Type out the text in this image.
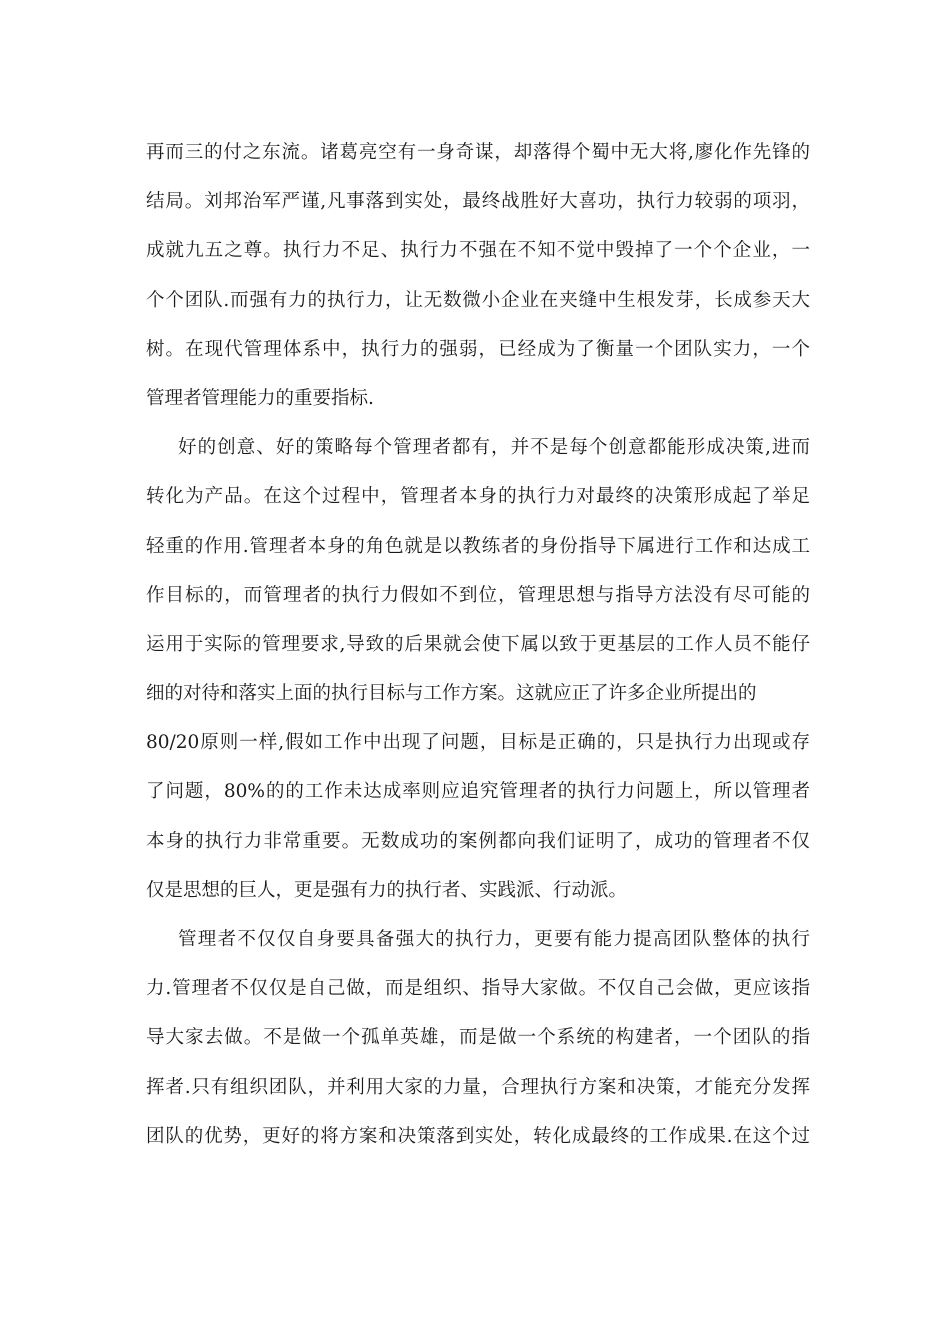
再而三的付之东流。诸葛亮空有一身奇谋，却落得个蜀中无大将,廖化作先锋的
结局。刘邦治军严谨,凡事落到实处，最终战胜好大喜功，执行力较弱的项羽，
成就九五之尊。执行力不足、执行力不强在不知不觉中毁掉了一个个企业，一
个个团队.而强有力的执行力，让无数微小企业在夹缝中生根发芽，长成参天大
树。在现代管理体系中，执行力的强弱，已经成为了衡量一个团队实力，一个
管理者管理能力的重要指标.
好的创意、好的策略每个管理者都有，并不是每个创意都能形成决策,进而
转化为产品。在这个过程中，管理者本身的执行力对最终的决策形成起了举足
轻重的作用.管理者本身的角色就是以教练者的身份指导下属进行工作和达成工
作目标的，而管理者的执行力假如不到位，管理思想与指导方法没有尽可能的
运用于实际的管理要求,导致的后果就会使下属以致于更基层的工作人员不能仔
细的对待和落实上面的执行目标与工作方案。这就应正了许多企业所提出的
80/20原则一样,假如工作中出现了问题，目标是正确的，只是执行力出现或存
了问题，80%的的工作未达成率则应追究管理者的执行力问题上，所以管理者
本身的执行力非常重要。无数成功的案例都向我们证明了，成功的管理者不仅
仅是思想的巨人，更是强有力的执行者、实践派、行动派。
管理者不仅仅自身要具备强大的执行力，更要有能力提高团队整体的执行
力.管理者不仅仅是自己做，而是组织、指导大家做。不仅自己会做，更应该指
导大家去做。不是做一个孤单英雄，而是做一个系统的构建者，一个团队的指
挥者.只有组织团队，并利用大家的力量，合理执行方案和决策，才能充分发挥
团队的优势，更好的将方案和决策落到实处，转化成最终的工作成果.在这个过
